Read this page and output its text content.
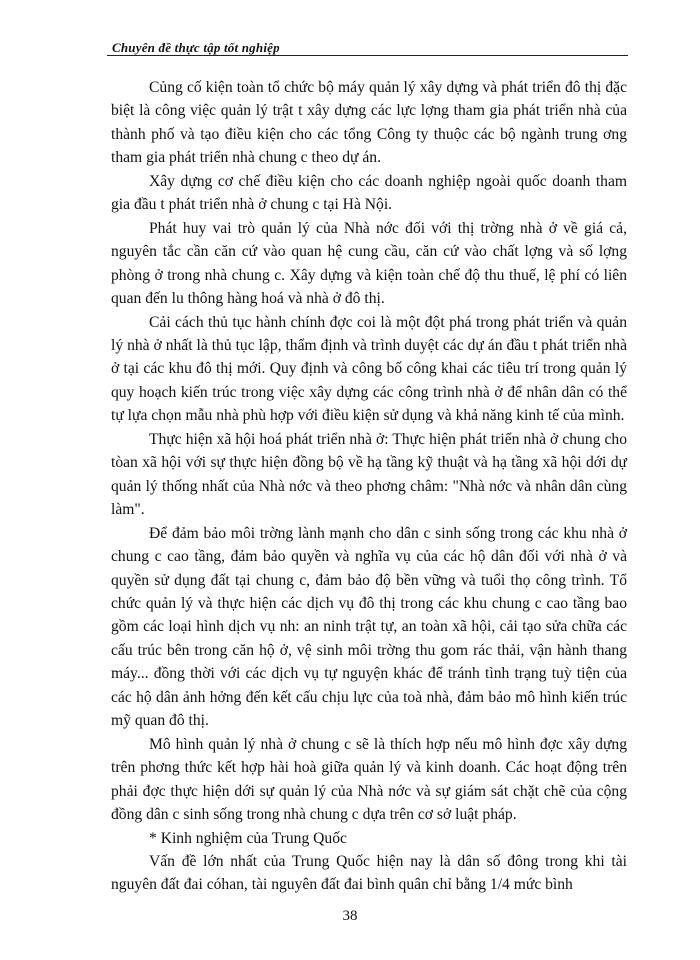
Chuyên đề thực tập tốt nghiệp

Củng cố kiện toàn tổ chức bộ máy quản lý xây dựng và phát triển đô thị đặc biệt là công việc quản lý trật t xây dựng các lực lợng tham gia phát triển nhà của thành phố và tạo điều kiện cho các tổng Công ty thuộc các bộ ngành trung ơng tham gia phát triển nhà chung c theo dự án.

Xây dựng cơ chế điều kiện cho các doanh nghiệp ngoài quốc doanh tham gia đầu t phát triển nhà ở chung c tại Hà Nội.

Phát huy vai trò quản lý của Nhà nớc đối với thị trờng nhà ở về giá cả, nguyên tắc cần căn cứ vào quan hệ cung cầu, căn cứ vào chất lợng và số lợng phòng ở trong nhà chung c. Xây dựng và kiện toàn chế độ thu thuế, lệ phí có liên quan đến lu thông hàng hoá và nhà ở đô thị.

Cải cách thủ tục hành chính đợc coi là một đột phá trong phát triển và quản lý nhà ở nhất là thủ tục lập, thẩm định và trình duyệt các dự án đầu t phát triển nhà ở tại các khu đô thị mới. Quy định và công bố công khai các tiêu trí trong quản lý quy hoạch kiến trúc trong việc xây dựng các công trình nhà ở để nhân dân có thể tự lựa chọn mẫu nhà phù hợp với điều kiện sử dụng và khả năng kinh tế của mình.

Thực hiện xã hội hoá phát triển nhà ở: Thực hiện phát triển nhà ở chung cho tòan xã hội với sự thực hiện đồng bộ về hạ tầng kỹ thuật và hạ tầng xã hội dới dự quản lý thống nhất của Nhà nớc và theo phơng châm: "Nhà nớc và nhân dân cùng làm".

Để đảm bảo môi trờng lành mạnh cho dân c sinh sống trong các khu nhà ở chung c cao tầng, đảm bảo quyền và nghĩa vụ của các hộ dân đối với nhà ở và quyền sử dụng đất tại chung c, đảm bảo độ bền vững và tuổi thọ công trình. Tổ chức quản lý và thực hiện các dịch vụ đô thị trong các khu chung c cao tầng bao gồm các loại hình dịch vụ nh: an ninh trật tự, an toàn xã hội, cải tạo sửa chữa các cấu trúc bên trong căn hộ ở, vệ sinh môi trờng thu gom rác thải, vận hành thang máy... đồng thời với các dịch vụ tự nguyện khác để tránh tình trạng tuỳ tiện của các hộ dân ảnh hởng đến kết cấu chịu lực của toà nhà, đảm bảo mô hình kiến trúc mỹ quan đô thị.

Mô hình quản lý nhà ở chung c sẽ là thích hợp nếu mô hình đợc xây dựng trên phơng thức kết hợp hài hoà giữa quản lý và kinh doanh. Các hoạt động trên phải đợc thực hiện dới sự quản lý của Nhà nớc và sự giám sát chặt chẽ của cộng đồng dân c sinh sống trong nhà chung c dựa trên cơ sở luật pháp.

* Kinh nghiệm của Trung Quốc

Vấn đề lớn nhất của Trung Quốc hiện nay là dân số đông trong khi tài nguyên đất đai cóhan, tài nguyên đất đai bình quân chỉ bằng 1/4 mức bình

38
